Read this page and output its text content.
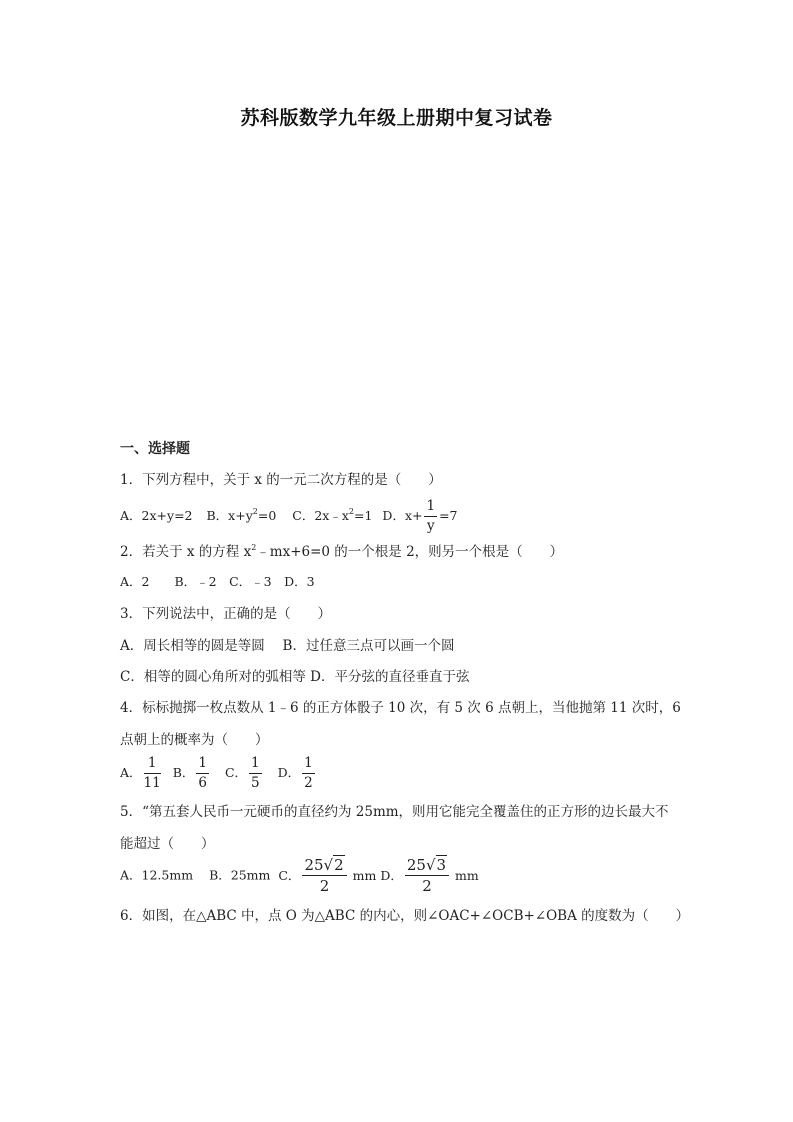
苏科版数学九年级上册期中复习试卷
一、选择题
1．下列方程中，关于 x 的一元二次方程的是（　　）
A．2x+y=2 B．$x+y^2=0$ C．$2x﹣x^2=1$ D．$x+ \frac{1}{y} =7$
2．若关于 x 的方程 $x^2﹣mx+6=0$ 的一个根是 2，则另一个根是（　　）
A．2　　B．﹣2　C．﹣3　D．3
3．下列说法中，正确的是（　　）
A．周长相等的圆是等圆　 B．过任意三点可以画一个圆
C．相等的圆心角所对的弧相等 D．平分弦的直径垂直于弦
4．标标抛掷一枚点数从 1﹣6 的正方体骰子 10 次，有 5 次 6 点朝上，当他抛第 11 次时，6
点朝上的概率为（　　）
A． $\frac{1}{11}$ B． $\frac{1}{6}$ C． $\frac{1}{5}$ D． $\frac{1}{2}$
5．“第五套人民币一元硬币的直径约为 25mm，则用它能完全覆盖住的正方形的边长最大不
能超过（　　）
A．12.5mm B．25mm C． $\frac{25√2}{2}$ mm D． $\frac{25√3}{2}$ mm
6．如图，在△ABC 中，点 O 为△ABC 的内心，则∠OAC+∠OCB+∠OBA 的度数为（　　）
